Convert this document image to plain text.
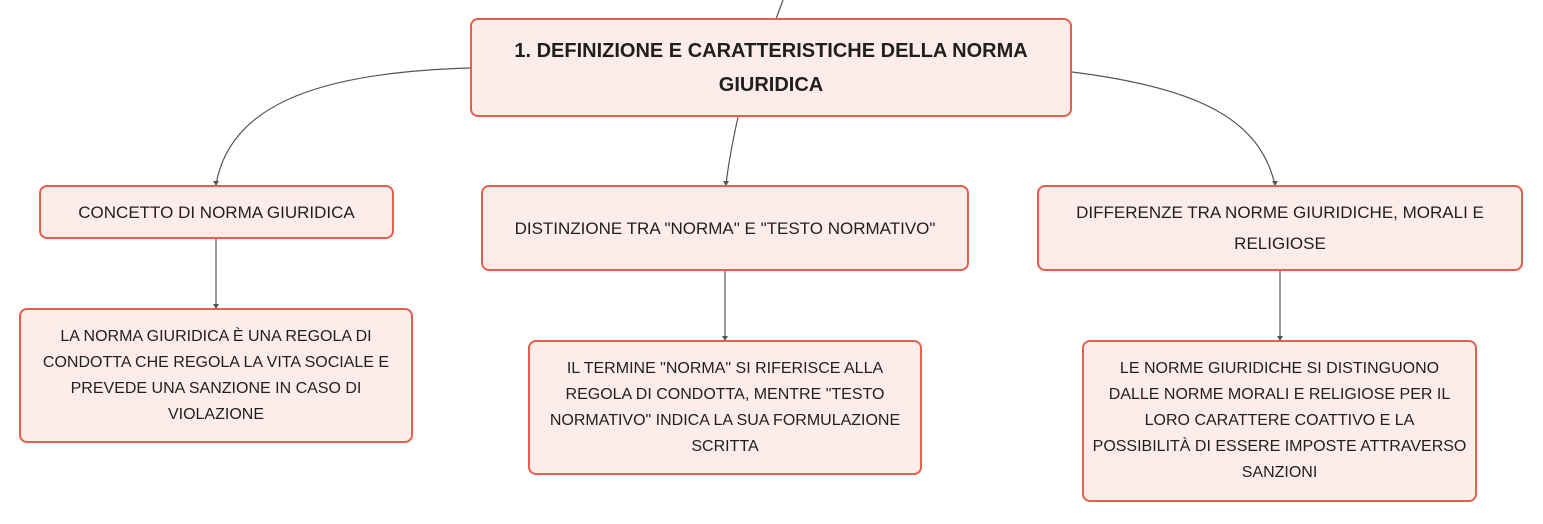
1. DEFINIZIONE E CARATTERISTICHE DELLA NORMA
GIURIDICA
CONCETTO DI NORMA GIURIDICA
DISTINZIONE TRA "NORMA" E "TESTO NORMATIVO"
DIFFERENZE TRA NORME GIURIDICHE, MORALI E
RELIGIOSE
LA NORMA GIURIDICA È UNA REGOLA DI
CONDOTTA CHE REGOLA LA VITA SOCIALE E
PREVEDE UNA SANZIONE IN CASO DI
VIOLAZIONE
IL TERMINE "NORMA" SI RIFERISCE ALLA
REGOLA DI CONDOTTA, MENTRE "TESTO
NORMATIVO" INDICA LA SUA FORMULAZIONE
SCRITTA
LE NORME GIURIDICHE SI DISTINGUONO
DALLE NORME MORALI E RELIGIOSE PER IL
LORO CARATTERE COATTIVO E LA
POSSIBILITÀ DI ESSERE IMPOSTE ATTRAVERSO
SANZIONI
